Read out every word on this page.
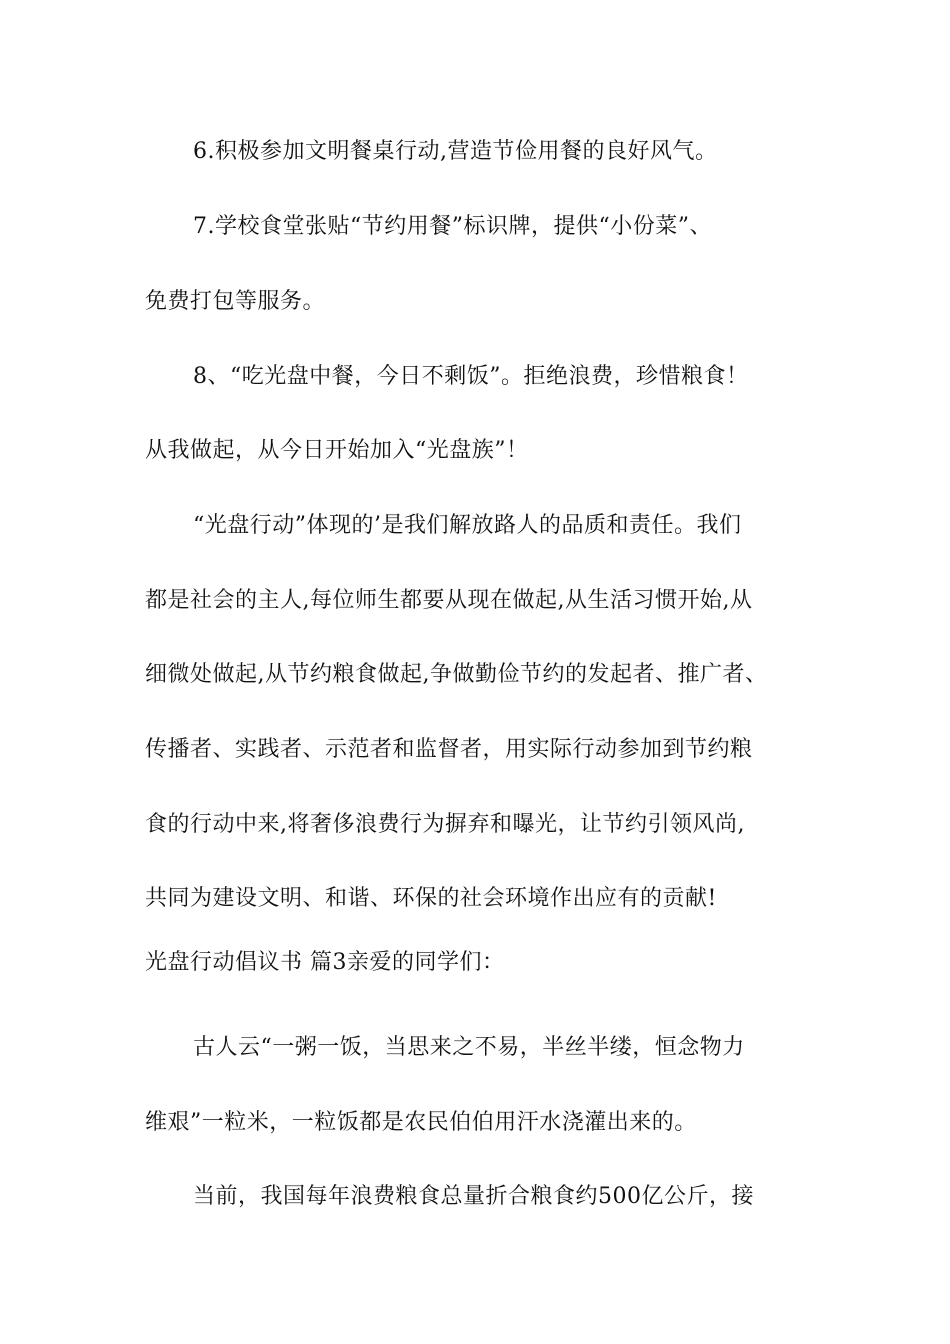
6.积极参加文明餐桌行动,营造节俭用餐的良好风气。
7.学校食堂张贴“节约用餐”标识牌，提供“小份菜”、
免费打包等服务。
8、“吃光盘中餐，今日不剩饭”。拒绝浪费，珍惜粮食！
从我做起，从今日开始加入“光盘族”！
“光盘行动”体现的’是我们解放路人的品质和责任。我们
都是社会的主人,每位师生都要从现在做起,从生活习惯开始,从
细微处做起,从节约粮食做起,争做勤俭节约的发起者、推广者、
传播者、实践者、示范者和监督者，用实际行动参加到节约粮
食的行动中来,将奢侈浪费行为摒弃和曝光，让节约引领风尚,
共同为建设文明、和谐、环保的社会环境作出应有的贡献!
光盘行动倡议书 篇3亲爱的同学们：
古人云“一粥一饭，当思来之不易，半丝半缕，恒念物力
维艰”一粒米，一粒饭都是农民伯伯用汗水浇灌出来的。
当前，我国每年浪费粮食总量折合粮食约500亿公斤，接
